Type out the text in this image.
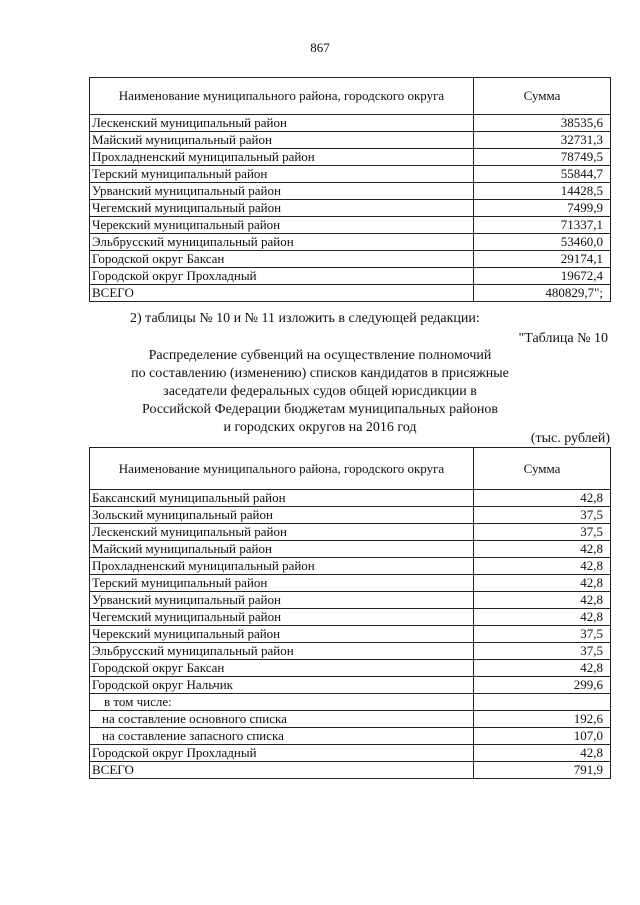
867
Наименование муниципального района, городского округа	Сумма
Лескенский муниципальный район	38535,6
Майский муниципальный район	32731,3
Прохладненский муниципальный район	78749,5
Терский муниципальный район	55844,7
Урванский муниципальный район	14428,5
Чегемский муниципальный район	7499,9
Черекский муниципальный район	71337,1
Эльбрусский муниципальный район	53460,0
Городской округ Баксан	29174,1
Городской округ Прохладный	19672,4
ВСЕГО	480829,7";
2) таблицы № 10 и № 11 изложить в следующей редакции:
"Таблица № 10
Распределение субвенций на осуществление полномочий
по составлению (изменению) списков кандидатов в присяжные
заседатели федеральных судов общей юрисдикции в
Российской Федерации бюджетам муниципальных районов
и городских округов на 2016 год
(тыс. рублей)
Наименование муниципального района, городского округа	Сумма
Баксанский муниципальный район	42,8
Зольский муниципальный район	37,5
Лескенский муниципальный район	37,5
Майский муниципальный район	42,8
Прохладненский муниципальный район	42,8
Терский муниципальный район	42,8
Урванский муниципальный район	42,8
Чегемский муниципальный район	42,8
Черекский муниципальный район	37,5
Эльбрусский муниципальный район	37,5
Городской округ Баксан	42,8
Городской округ Нальчик	299,6
в том числе:	
на составление основного списка	192,6
на составление запасного списка	107,0
Городской округ Прохладный	42,8
ВСЕГО	791,9
